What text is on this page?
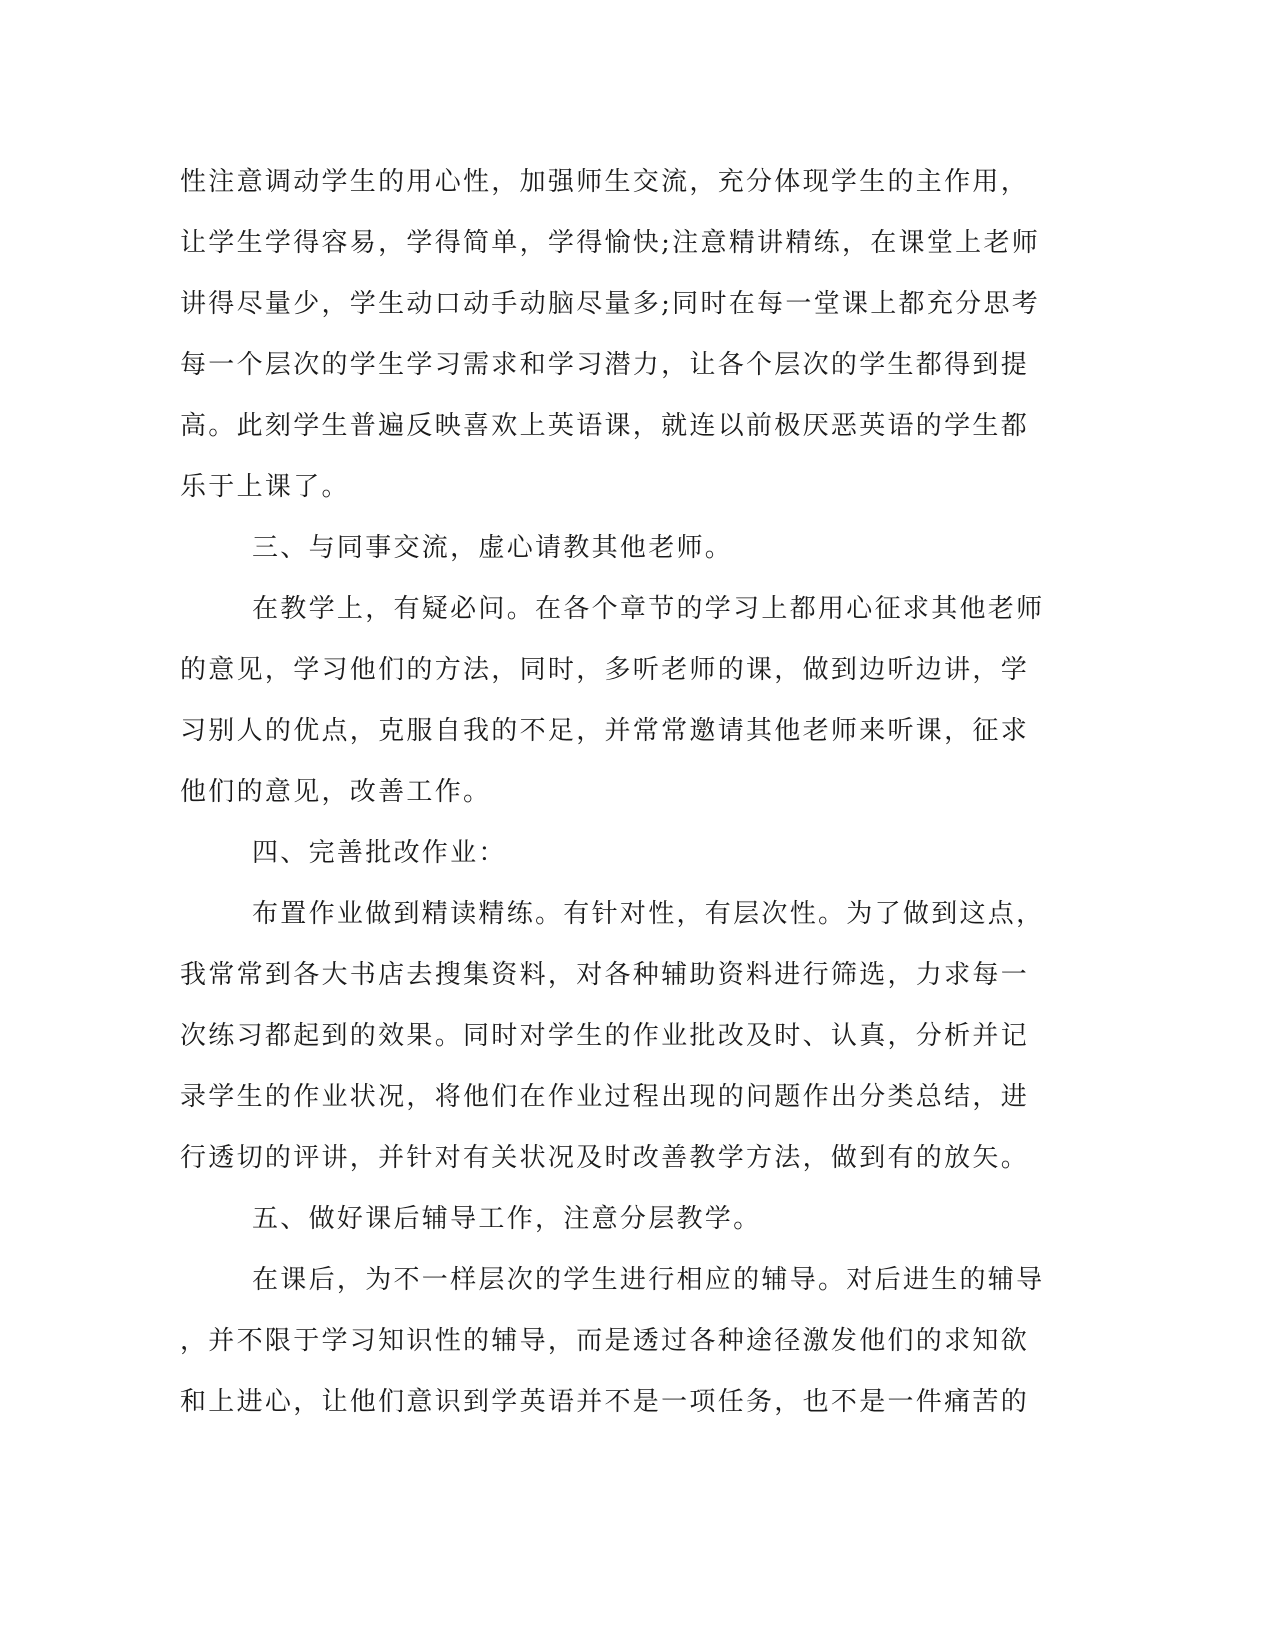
性注意调动学生的用心性，加强师生交流，充分体现学生的主作用，
让学生学得容易，学得简单，学得愉快;注意精讲精练，在课堂上老师
讲得尽量少，学生动口动手动脑尽量多;同时在每一堂课上都充分思考
每一个层次的学生学习需求和学习潜力，让各个层次的学生都得到提
高。此刻学生普遍反映喜欢上英语课，就连以前极厌恶英语的学生都
乐于上课了。
三、与同事交流，虚心请教其他老师。
在教学上，有疑必问。在各个章节的学习上都用心征求其他老师
的意见，学习他们的方法，同时，多听老师的课，做到边听边讲，学
习别人的优点，克服自我的不足，并常常邀请其他老师来听课，征求
他们的意见，改善工作。
四、完善批改作业：
布置作业做到精读精练。有针对性，有层次性。为了做到这点，
我常常到各大书店去搜集资料，对各种辅助资料进行筛选，力求每一
次练习都起到的效果。同时对学生的作业批改及时、认真，分析并记
录学生的作业状况，将他们在作业过程出现的问题作出分类总结，进
行透切的评讲，并针对有关状况及时改善教学方法，做到有的放矢。
五、做好课后辅导工作，注意分层教学。
在课后，为不一样层次的学生进行相应的辅导。对后进生的辅导
，并不限于学习知识性的辅导，而是透过各种途径激发他们的求知欲
和上进心，让他们意识到学英语并不是一项任务，也不是一件痛苦的
